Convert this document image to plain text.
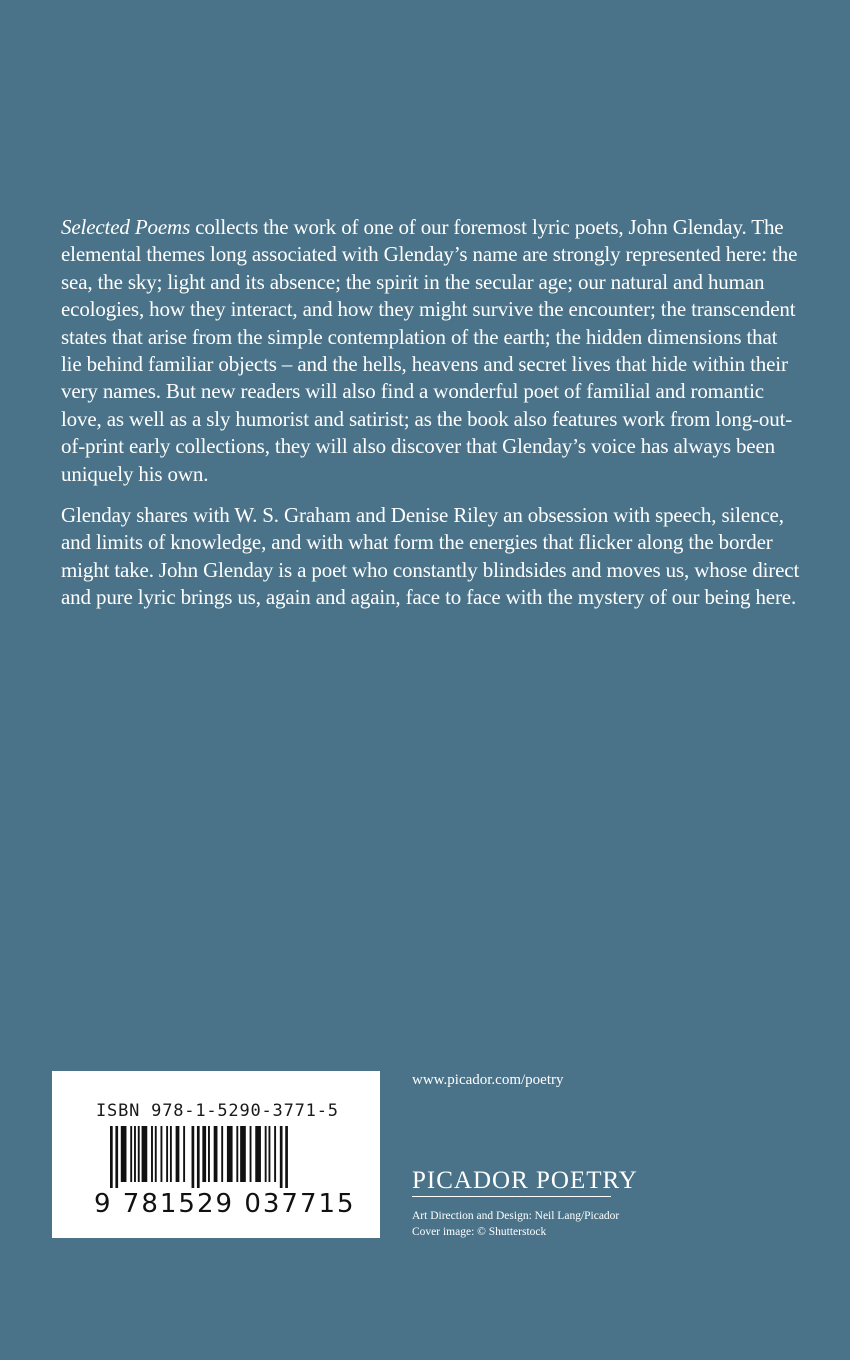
Selected Poems collects the work of one of our foremost lyric poets, John Glenday. The elemental themes long associated with Glenday’s name are strongly represented here: the sea, the sky; light and its absence; the spirit in the secular age; our natural and human ecologies, how they interact, and how they might survive the encounter; the transcendent states that arise from the simple contemplation of the earth; the hidden dimensions that lie behind familiar objects – and the hells, heavens and secret lives that hide within their very names. But new readers will also find a wonderful poet of familial and romantic love, as well as a sly humorist and satirist; as the book also features work from long-out-of-print early collections, they will also discover that Glenday’s voice has always been uniquely his own.

Glenday shares with W. S. Graham and Denise Riley an obsession with speech, silence, and limits of knowledge, and with what form the energies that flicker along the border might take. John Glenday is a poet who constantly blindsides and moves us, whose direct and pure lyric brings us, again and again, face to face with the mystery of our being here.

ISBN 978-1-5290-3771-5
9 781529 037715
www.picador.com/poetry
PICADOR POETRY
Art Direction and Design: Neil Lang/Picador
Cover image: © Shutterstock
